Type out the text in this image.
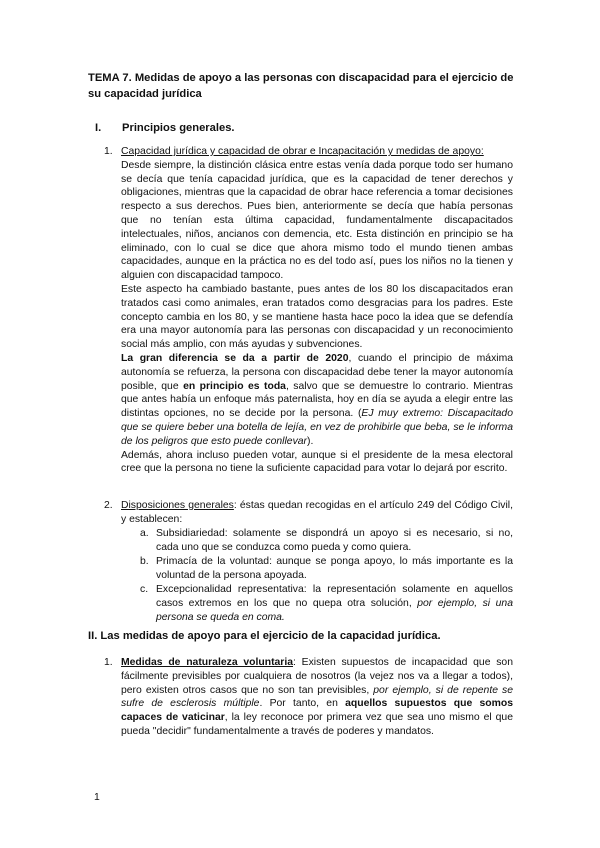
TEMA 7. Medidas de apoyo a las personas con discapacidad para el ejercicio de su capacidad jurídica
I. Principios generales.
1. Capacidad jurídica y capacidad de obrar e Incapacitación y medidas de apoyo:

Desde siempre, la distinción clásica entre estas venía dada porque todo ser humano se decía que tenía capacidad jurídica, que es la capacidad de tener derechos y obligaciones, mientras que la capacidad de obrar hace referencia a tomar decisiones respecto a sus derechos. Pues bien, anteriormente se decía que había personas que no tenían esta última capacidad, fundamentalmente discapacitados intelectuales, niños, ancianos con demencia, etc. Esta distinción en principio se ha eliminado, con lo cual se dice que ahora mismo todo el mundo tienen ambas capacidades, aunque en la práctica no es del todo así, pues los niños no la tienen y alguien con discapacidad tampoco.

Este aspecto ha cambiado bastante, pues antes de los 80 los discapacitados eran tratados casi como animales, eran tratados como desgracias para los padres. Este concepto cambia en los 80, y se mantiene hasta hace poco la idea que se defendía era una mayor autonomía para las personas con discapacidad y un reconocimiento social más amplio, con más ayudas y subvenciones.

La gran diferencia se da a partir de 2020, cuando el principio de máxima autonomía se refuerza, la persona con discapacidad debe tener la mayor autonomía posible, que en principio es toda, salvo que se demuestre lo contrario. Mientras que antes había un enfoque más paternalista, hoy en día se ayuda a elegir entre las distintas opciones, no se decide por la persona. (EJ muy extremo: Discapacitado que se quiere beber una botella de lejía, en vez de prohibirle que beba, se le informa de los peligros que esto puede conllevar).

Además, ahora incluso pueden votar, aunque si el presidente de la mesa electoral cree que la persona no tiene la suficiente capacidad para votar lo dejará por escrito.

2. Disposiciones generales: éstas quedan recogidas en el artículo 249 del Código Civil, y establecen:
a. Subsidiariedad: solamente se dispondrá un apoyo si es necesario, si no, cada uno que se conduzca como pueda y como quiera.
b. Primacía de la voluntad: aunque se ponga apoyo, lo más importante es la voluntad de la persona apoyada.
c. Excepcionalidad representativa: la representación solamente en aquellos casos extremos en los que no quepa otra solución, por ejemplo, si una persona se queda en coma.
II. Las medidas de apoyo para el ejercicio de la capacidad jurídica.
1. Medidas de naturaleza voluntaria: Existen supuestos de incapacidad que son fácilmente previsibles por cualquiera de nosotros (la vejez nos va a llegar a todos), pero existen otros casos que no son tan previsibles, por ejemplo, si de repente se sufre de esclerosis múltiple. Por tanto, en aquellos supuestos que somos capaces de vaticinar, la ley reconoce por primera vez que sea uno mismo el que pueda "decidir" fundamentalmente a través de poderes y mandatos.
1
